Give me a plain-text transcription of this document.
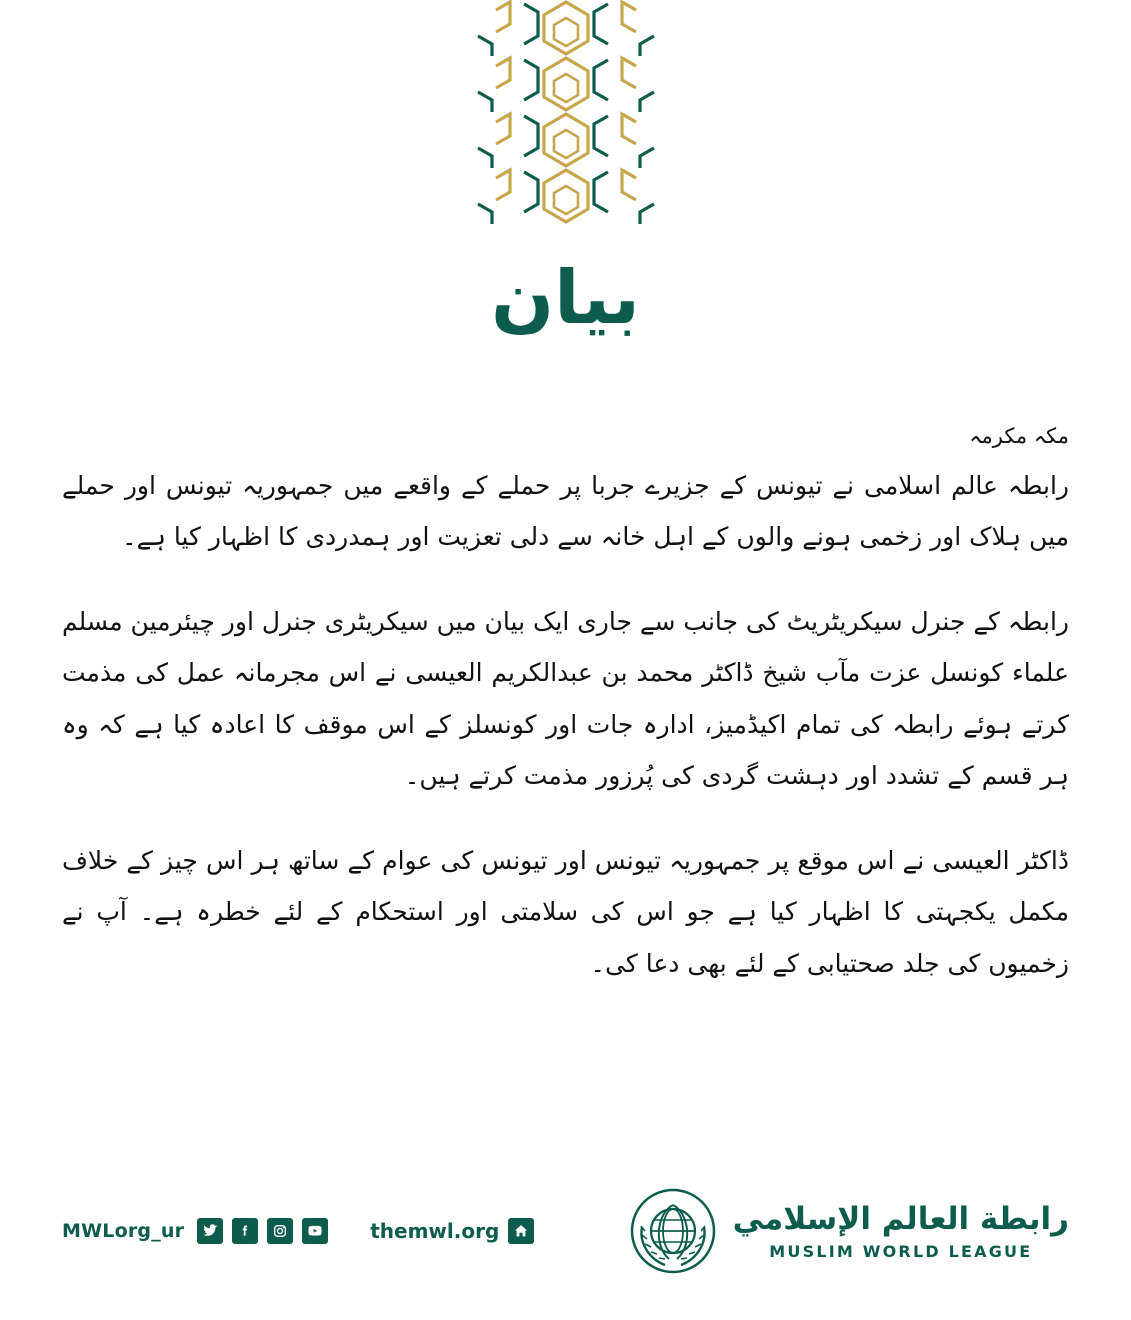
بيان

مکہ مکرمہ

رابطہ عالم اسلامی نے تیونس کے جزیرے جربا پر حملے کے واقعے میں جمہوریہ تیونس اور حملے میں ہلاک اور زخمی ہونے والوں کے اہل خانہ سے دلی تعزیت اور ہمدردی کا اظہار کیا ہے۔

رابطہ کے جنرل سیکریٹریٹ کی جانب سے جاری ایک بیان میں سیکریٹری جنرل اور چیئرمین مسلم علماء کونسل عزت مآب شیخ ڈاکٹر محمد بن عبدالکریم العیسی نے اس مجرمانہ عمل کی مذمت کرتے ہوئے رابطہ کی تمام اکیڈمیز، ادارہ جات اور کونسلز کے اس موقف کا اعادہ کیا ہے کہ وہ ہر قسم کے تشدد اور دہشت گردی کی پُرزور مذمت کرتے ہیں۔

ڈاکٹر العیسی نے اس موقع پر جمہوریہ تیونس اور تیونس کی عوام کے ساتھ ہر اس چیز کے خلاف مکمل یکجہتی کا اظہار کیا ہے جو اس کی سلامتی اور استحکام کے لئے خطرہ ہے۔ آپ نے زخمیوں کی جلد صحتیابی کے لئے بھی دعا کی۔

رابطة العالم الإسلامي
MUSLIM WORLD LEAGUE
MWLorg_ur	themwl.org
